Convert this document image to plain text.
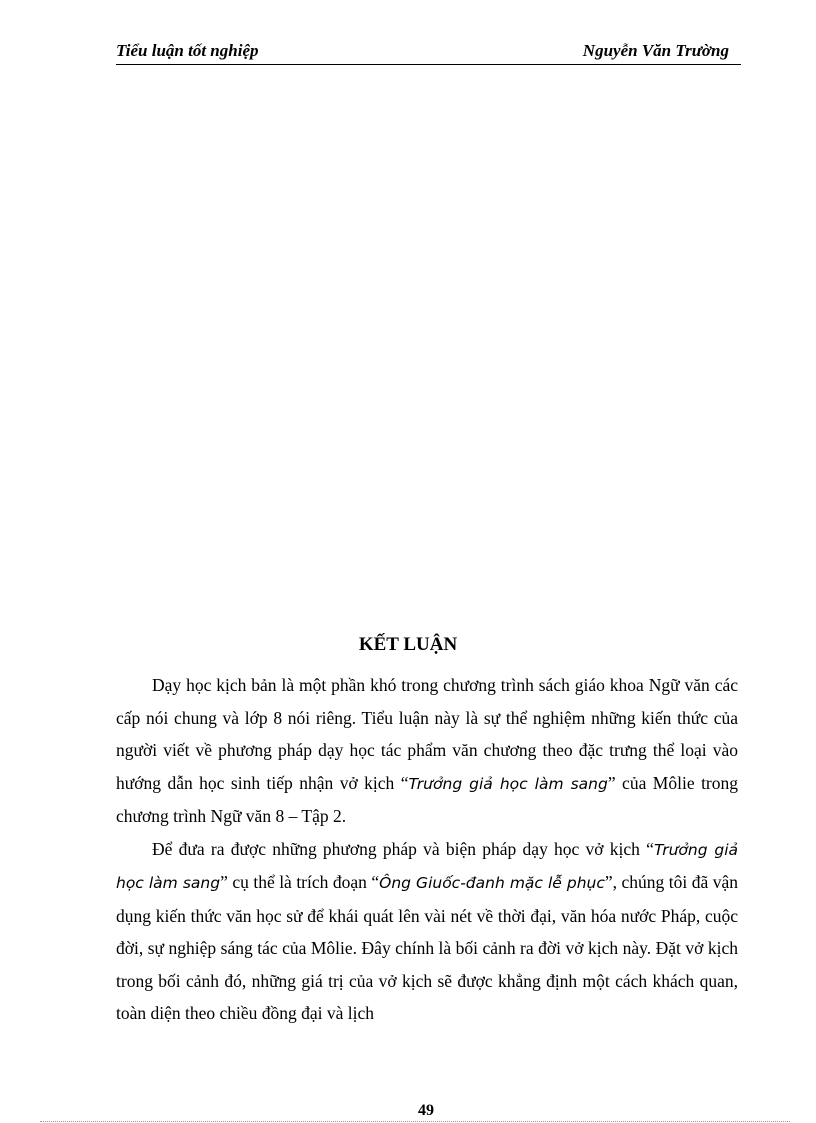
Tiểu luận tốt nghiệp	Nguyễn Văn Trường
KẾT LUẬN

Dạy học kịch bản là một phần khó trong chương trình sách giáo khoa Ngữ văn các cấp nói chung và lớp 8 nói riêng. Tiểu luận này là sự thể nghiệm những kiến thức của người viết về phương pháp dạy học tác phẩm văn chương theo đặc trưng thể loại vào hướng dẫn học sinh tiếp nhận vở kịch “Trưởng giả học làm sang” của Môlie trong chương trình Ngữ văn 8 – Tập 2.

Để đưa ra được những phương pháp và biện pháp dạy học vở kịch “Trưởng giả học làm sang” cụ thể là trích đoạn “Ông Giuốc-đanh mặc lễ phục”, chúng tôi đã vận dụng kiến thức văn học sử để khái quát lên vài nét về thời đại, văn hóa nước Pháp, cuộc đời, sự nghiệp sáng tác của Môlie. Đây chính là bối cảnh ra đời vở kịch này. Đặt vở kịch trong bối cảnh đó, những giá trị của vở kịch sẽ được khẳng định một cách khách quan, toàn diện theo chiều đồng đại và lịch

49
